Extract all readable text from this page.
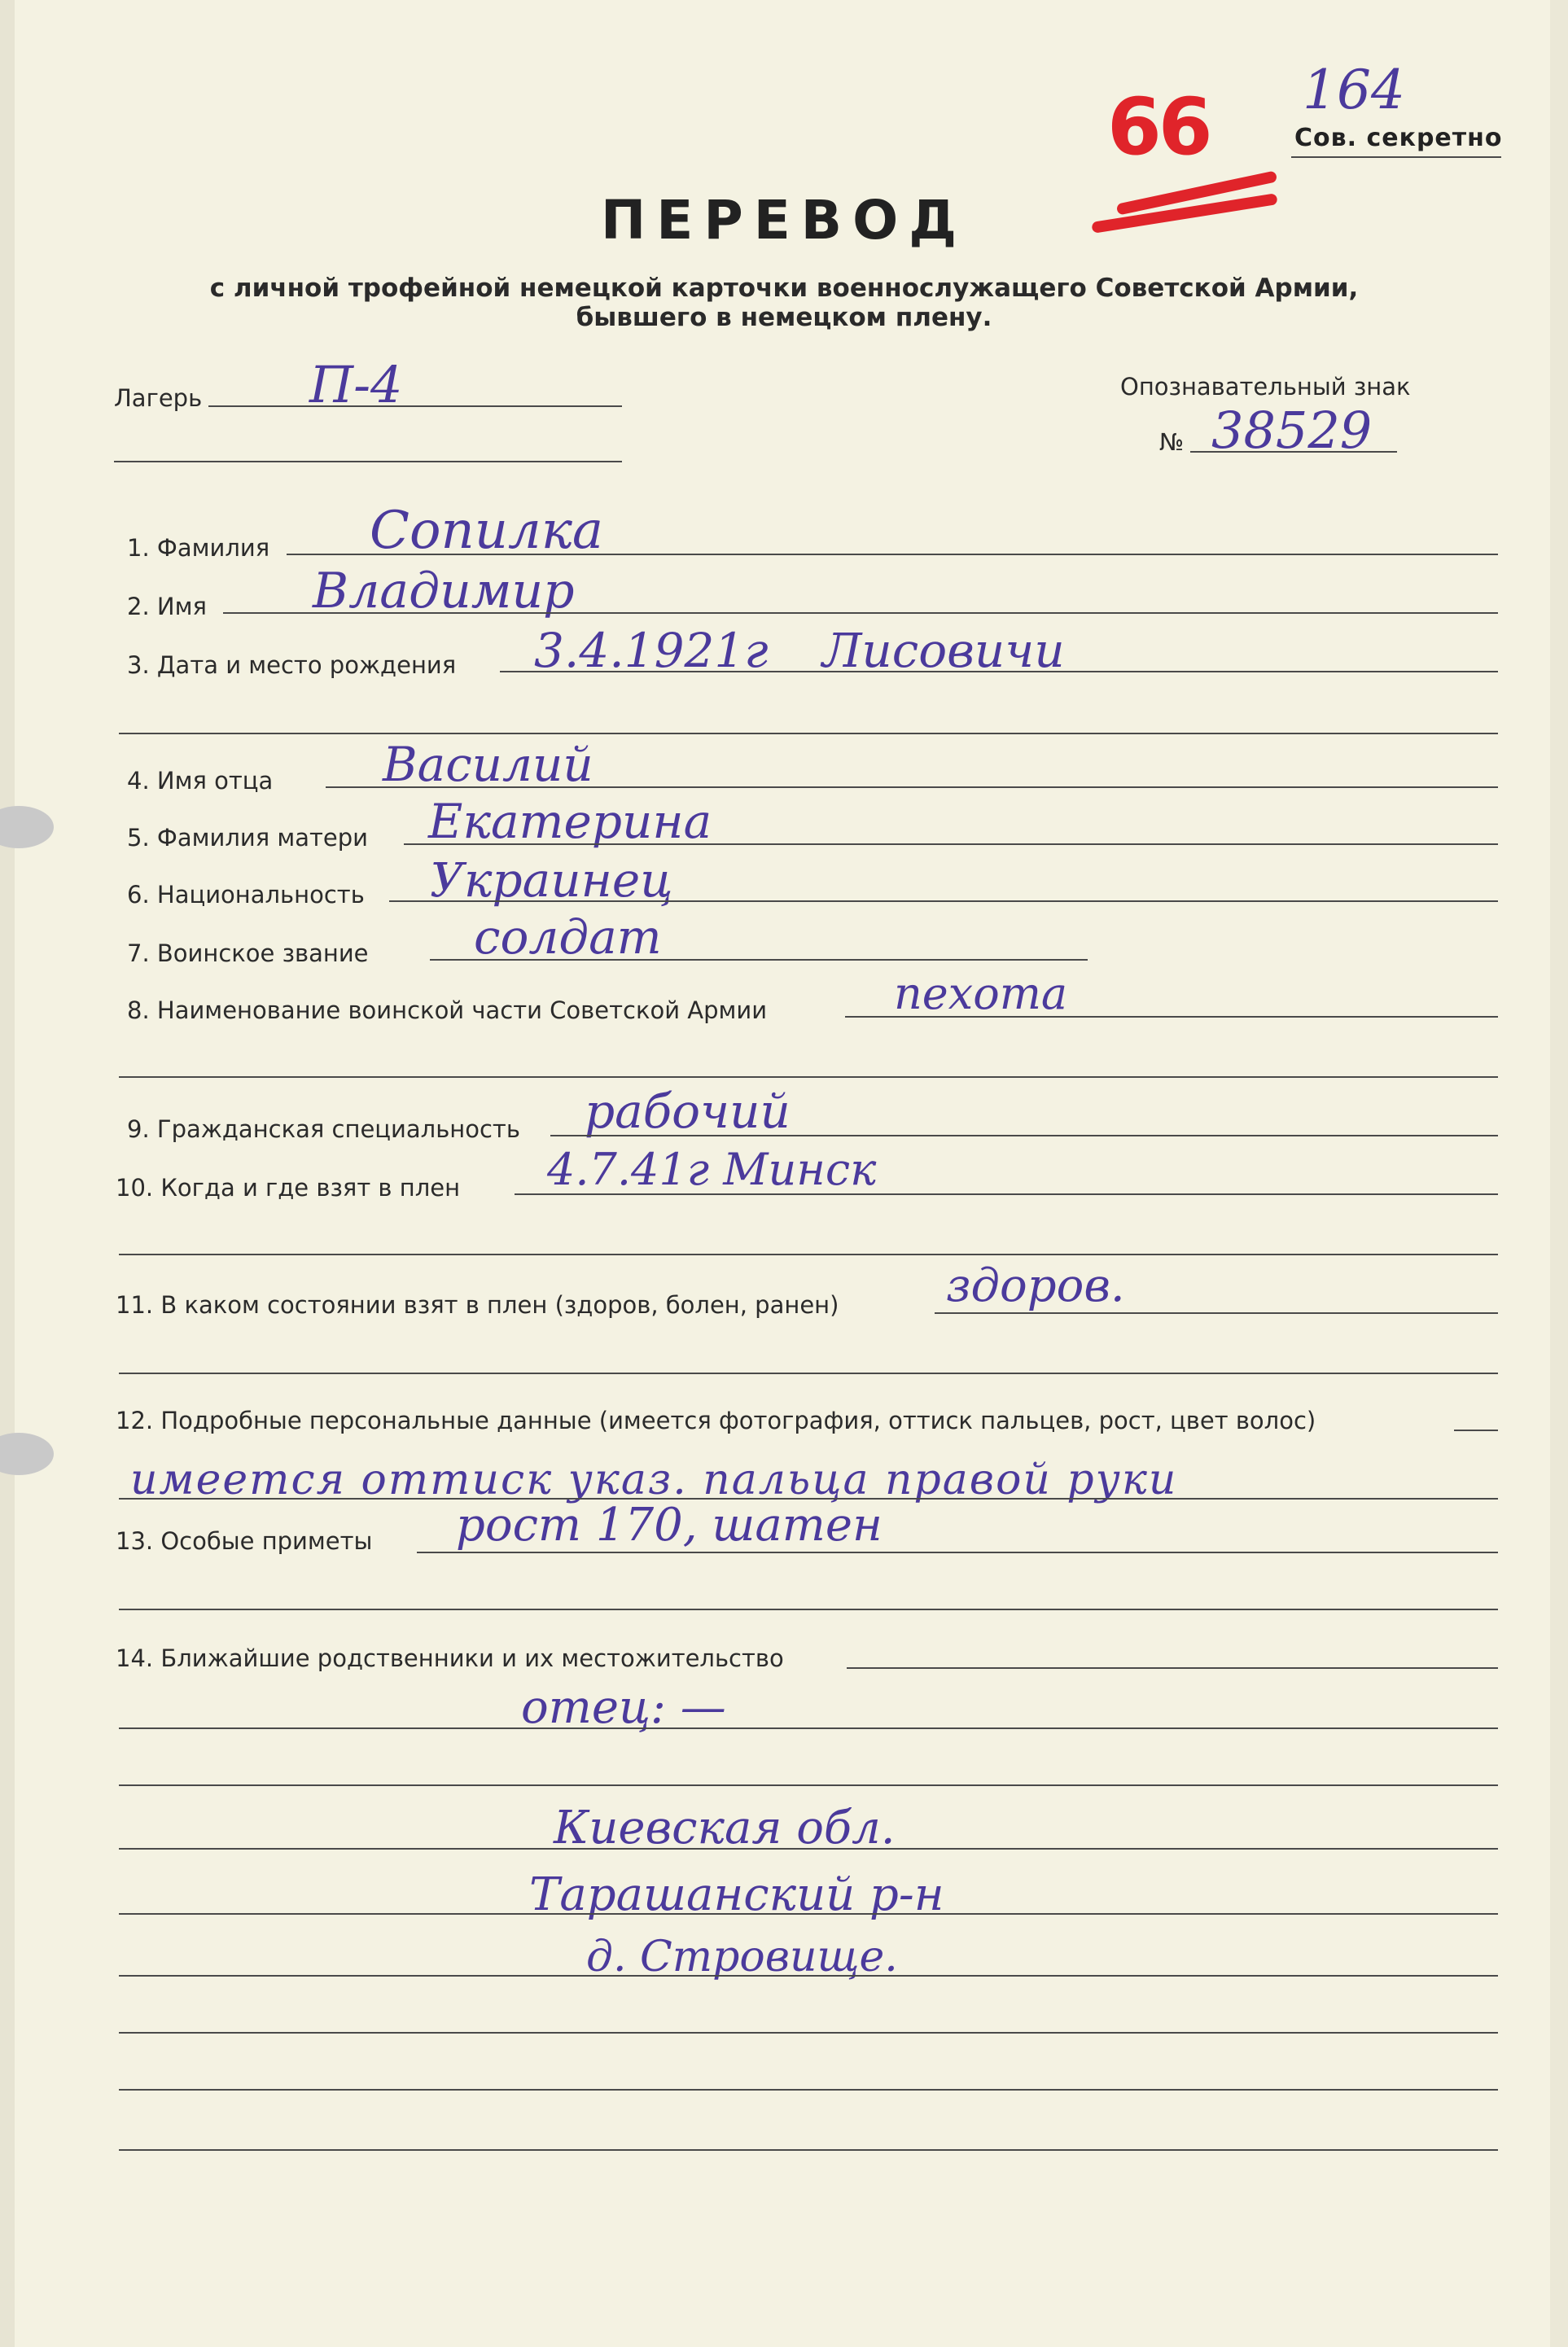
66 164
Сов. секретно
ПЕРЕВОД
с личной трофейной немецкой карточки военнослужащего Советской Армии,
бывшего в немецком плену.
Лагерь П-4	Опознавательный знак
№ 38529
1. Фамилия Сопилка
2. Имя Владимир
3. Дата и место рождения 3.4.1921г Лисовичи
4. Имя отца Василий
5. Фамилия матери Екатерина
6. Национальность Украинец
7. Воинское звание солдат
8. Наименование воинской части Советской Армии	пехота
9. Гражданская специальность рабочий
10. Когда и где взят в плен 4.7.41г Минск
11. В каком состоянии взят в плен (здоров, болен, ранен) здоров.
12. Подробные персональные данные (имеется фотография, оттиск пальцев, рост, цвет волос)
имеется оттиск указ. пальца правой руки
13. Особые приметы рост 170, шатен
14. Ближайшие родственники и их местожительство
отец: —
Киевская обл.
Тарашанский р-н
д. Стровище.
